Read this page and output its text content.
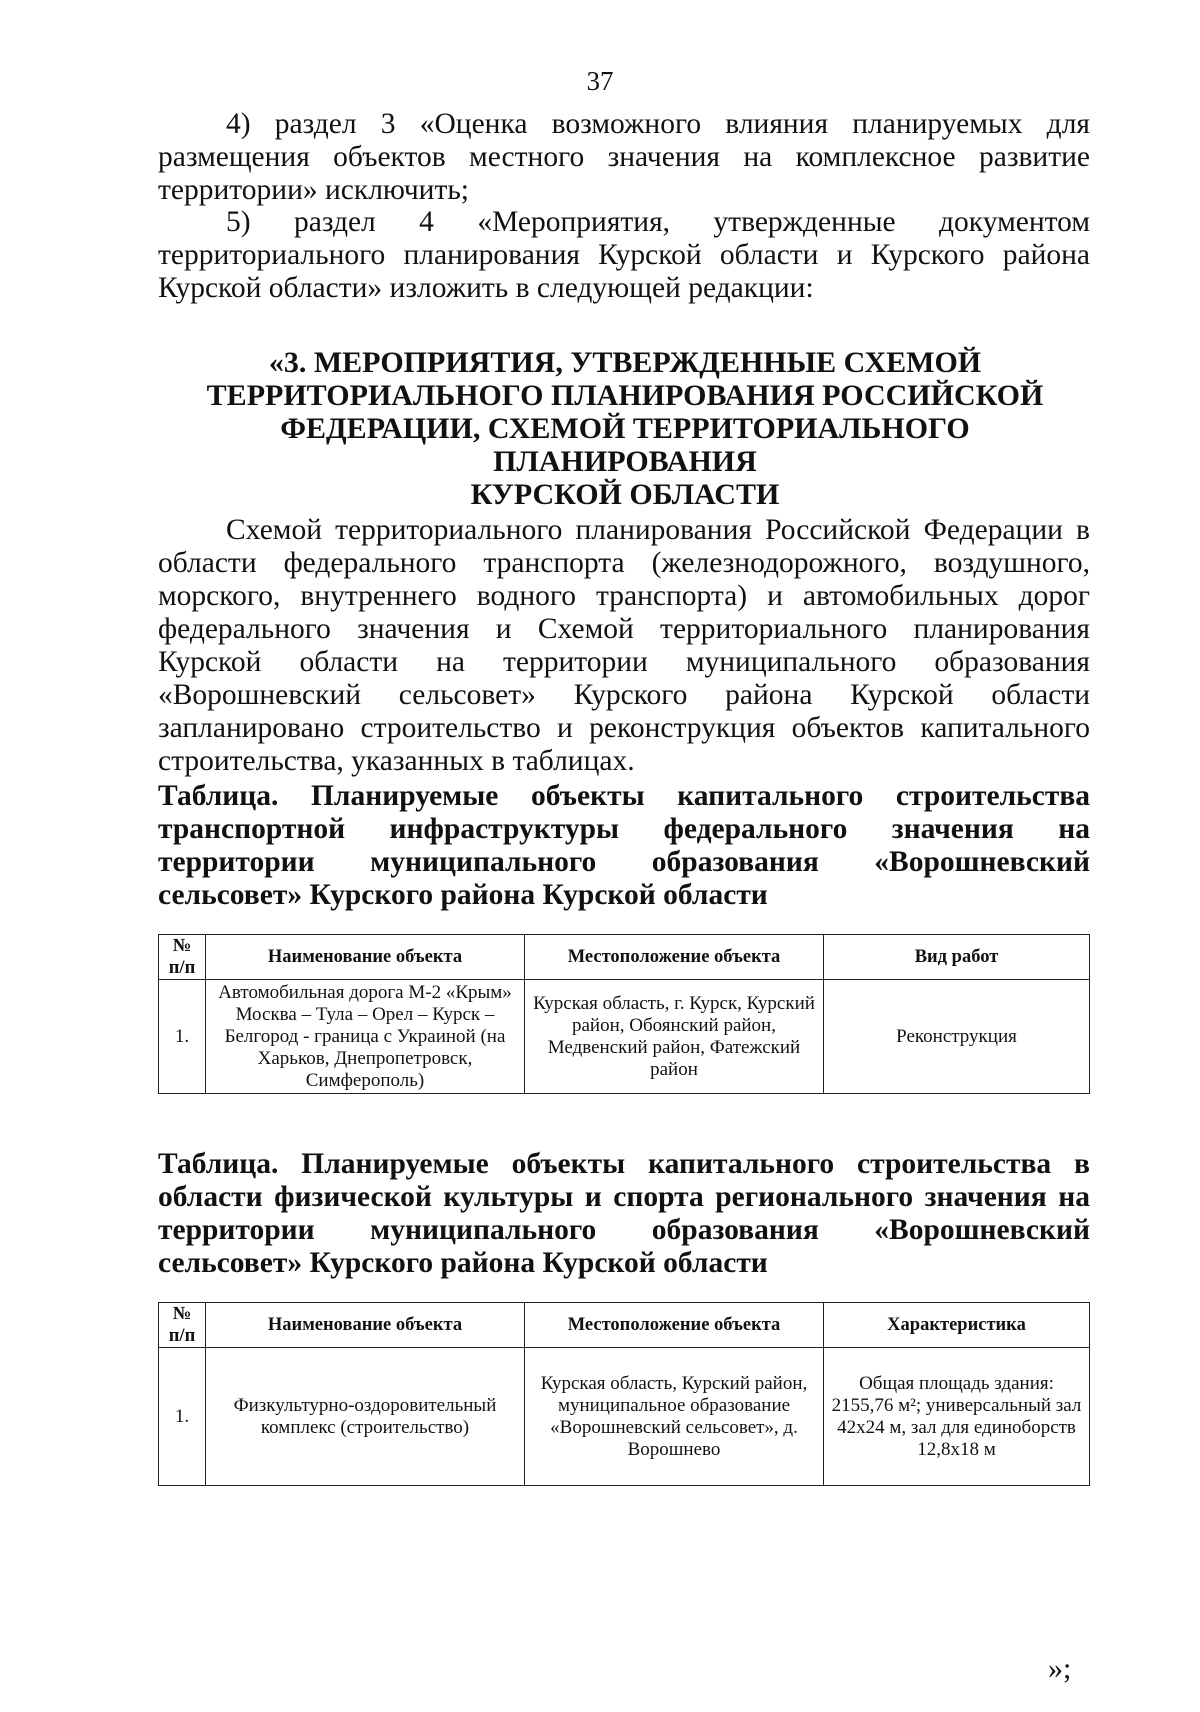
37
4) раздел 3 «Оценка возможного влияния планируемых для размещения объектов местного значения на комплексное развитие территории» исключить;
5) раздел 4 «Мероприятия, утвержденные документом территориального планирования Курской области и Курского района Курской области» изложить в следующей редакции:
«3. МЕРОПРИЯТИЯ, УТВЕРЖДЕННЫЕ СХЕМОЙ
ТЕРРИТОРИАЛЬНОГО ПЛАНИРОВАНИЯ РОССИЙСКОЙ
ФЕДЕРАЦИИ, СХЕМОЙ ТЕРРИТОРИАЛЬНОГО ПЛАНИРОВАНИЯ
КУРСКОЙ ОБЛАСТИ
Схемой территориального планирования Российской Федерации в области федерального транспорта (железнодорожного, воздушного, морского, внутреннего водного транспорта) и автомобильных дорог федерального значения и Схемой территориального планирования Курской области на территории муниципального образования «Ворошневский сельсовет» Курского района Курской области запланировано строительство и реконструкция объектов капитального строительства, указанных в таблицах.
Таблица. Планируемые объекты капитального строительства транспортной инфраструктуры федерального значения на территории муниципального образования «Ворошневский сельсовет» Курского района Курской области
№ п/п	Наименование объекта	Местоположение объекта	Вид работ
1.	Автомобильная дорога М-2 «Крым» Москва – Тула – Орел – Курск – Белгород - граница с Украиной (на Харьков, Днепропетровск, Симферополь)	Курская область, г. Курск, Курский район, Обоянский район, Медвенский район, Фатежский район	Реконструкция
Таблица. Планируемые объекты капитального строительства в области физической культуры и спорта регионального значения на территории муниципального образования «Ворошневский сельсовет» Курского района Курской области
№ п/п	Наименование объекта	Местоположение объекта	Характеристика
1.	Физкультурно-оздоровительный комплекс (строительство)	Курская область, Курский район, муниципальное образование «Ворошневский сельсовет», д. Ворошнево	Общая площадь здания: 2155,76 м²; универсальный зал 42х24 м, зал для единоборств 12,8х18 м
»;
